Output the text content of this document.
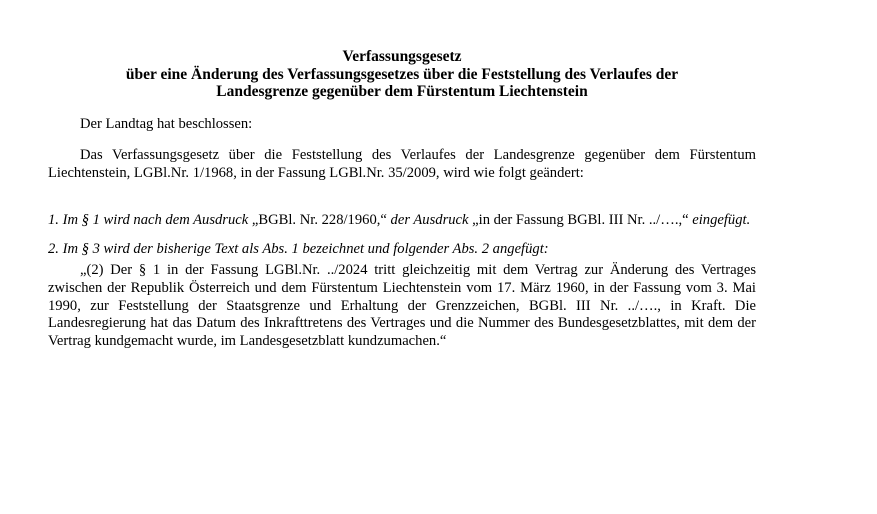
Verfassungsgesetz
über eine Änderung des Verfassungsgesetzes über die Feststellung des Verlaufes der
Landesgrenze gegenüber dem Fürstentum Liechtenstein

Der Landtag hat beschlossen:

Das Verfassungsgesetz über die Feststellung des Verlaufes der Landesgrenze gegenüber dem Fürstentum Liechtenstein, LGBl.Nr. 1/1968, in der Fassung LGBl.Nr. 35/2009, wird wie folgt geändert:

1. Im § 1 wird nach dem Ausdruck „BGBl. Nr. 228/1960,“ der Ausdruck „in der Fassung BGBl. III Nr. ../….,“ eingefügt.

2. Im § 3 wird der bisherige Text als Abs. 1 bezeichnet und folgender Abs. 2 angefügt:

„(2) Der § 1 in der Fassung LGBl.Nr. ../2024 tritt gleichzeitig mit dem Vertrag zur Änderung des Vertrages zwischen der Republik Österreich und dem Fürstentum Liechtenstein vom 17. März 1960, in der Fassung vom 3. Mai 1990, zur Feststellung der Staatsgrenze und Erhaltung der Grenzzeichen, BGBl. III Nr. ../…., in Kraft. Die Landesregierung hat das Datum des Inkrafttretens des Vertrages und die Nummer des Bundesgesetzblattes, mit dem der Vertrag kundgemacht wurde, im Landesgesetzblatt kundzumachen.“
